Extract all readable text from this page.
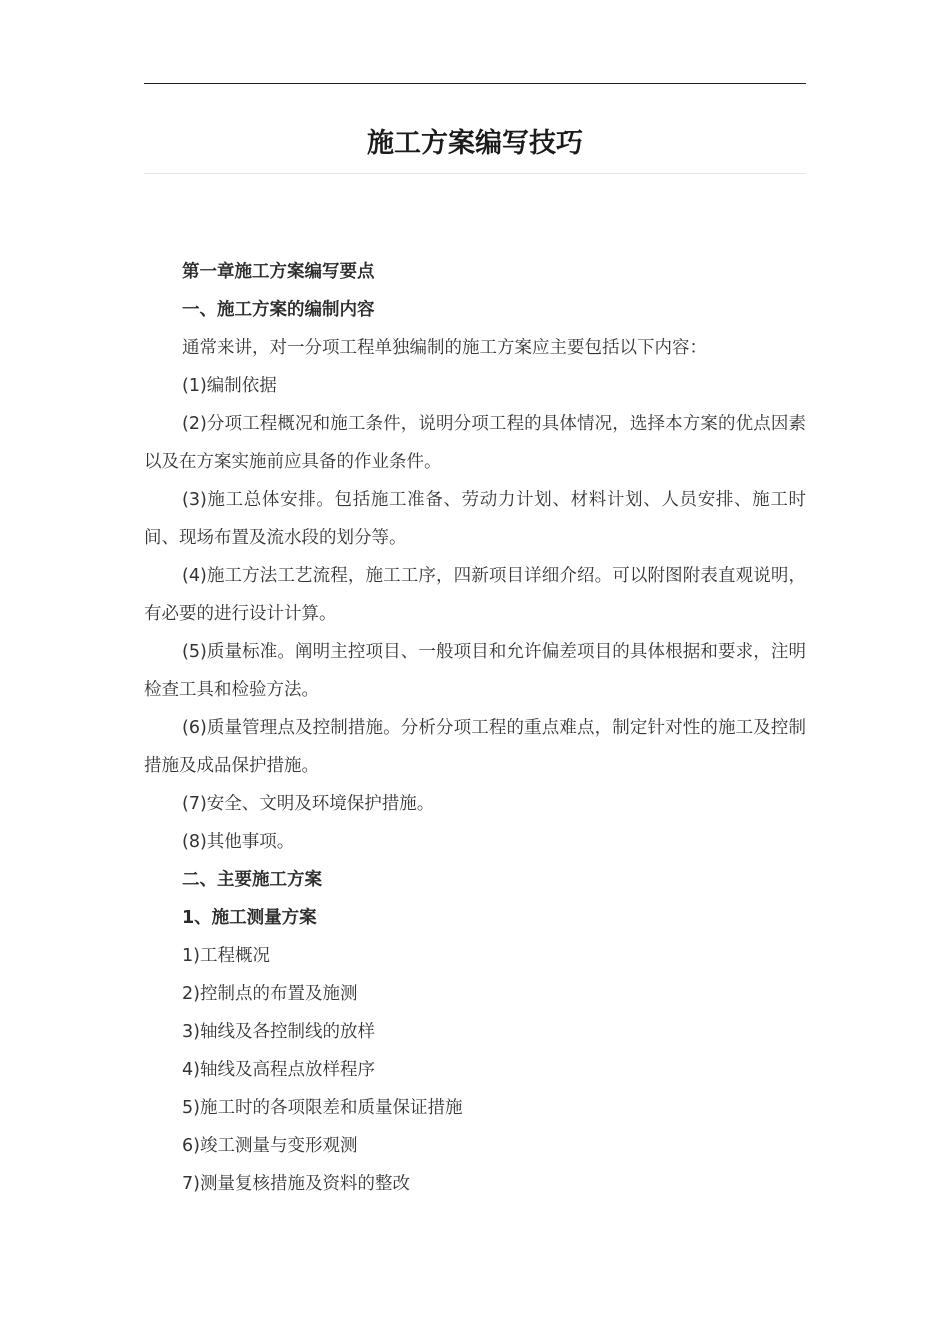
施工方案编写技巧

第一章施工方案编写要点

一、施工方案的编制内容

通常来讲，对一分项工程单独编制的施工方案应主要包括以下内容：

(1)编制依据

(2)分项工程概况和施工条件，说明分项工程的具体情况，选择本方案的优点因素以及在方案实施前应具备的作业条件。

(3)施工总体安排。包括施工准备、劳动力计划、材料计划、人员安排、施工时间、现场布置及流水段的划分等。

(4)施工方法工艺流程，施工工序，四新项目详细介绍。可以附图附表直观说明，有必要的进行设计计算。

(5)质量标准。阐明主控项目、一般项目和允许偏差项目的具体根据和要求，注明检查工具和检验方法。

(6)质量管理点及控制措施。分析分项工程的重点难点，制定针对性的施工及控制措施及成品保护措施。

(7)安全、文明及环境保护措施。

(8)其他事项。

二、主要施工方案

1、施工测量方案

1)工程概况

2)控制点的布置及施测

3)轴线及各控制线的放样

4)轴线及高程点放样程序

5)施工时的各项限差和质量保证措施

6)竣工测量与变形观测

7)测量复核措施及资料的整改
